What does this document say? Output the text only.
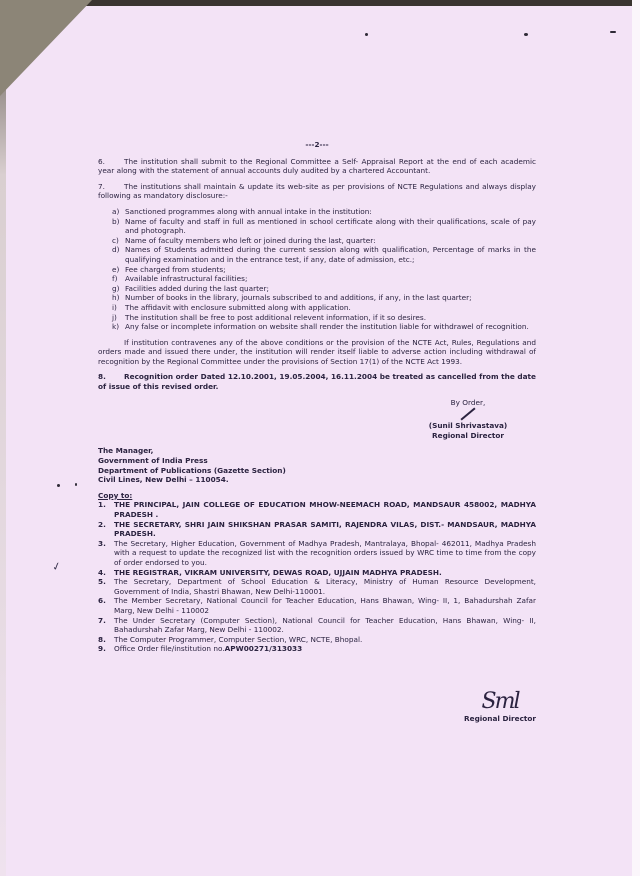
---2---
6.	The institution shall submit to the Regional Committee a Self- Appraisal Report at the end of each academic year along with the statement of annual accounts duly audited by a chartered Accountant.
7.	The institutions shall maintain & update its web-site as per provisions of NCTE Regulations and always display following as mandatory disclosure:-
a) Sanctioned programmes along with annual intake in the institution:
b) Name of faculty and staff in full as mentioned in school certificate along with their qualifications, scale of pay and photograph.
c) Name of faculty members who left or joined during the last, quarter:
d) Names of Students admitted during the current session along with qualification, Percentage of marks in the qualifying examination and in the entrance test, if any, date of admission, etc.;
e) Fee charged from students;
f)	Available infrastructural facilities;
g) Facilities added during the last quarter;
h) Number of books in the library, journals subscribed to and additions, if any, in the last quarter;
i)	The affidavit with enclosure submitted along with application.
j)	The institution shall be free to post additional relevent information, if it so desires.
k) Any false or incomplete information on website shall render the institution liable for withdrawel of recognition.
If institution contravenes any of the above conditions or the provision of the NCTE Act, Rules, Regulations and orders made and issued there under, the institution will render itself liable to adverse action including withdrawal of recognition by the Regional Committee under the provisions of Section 17(1) of the NCTE Act 1993.
8. Recognition order Dated 12.10.2001, 19.05.2004, 16.11.2004 be treated as cancelled from the date of issue of this revised order.
By Order,
(Sunil Shrivastava)
Regional Director
The Manager,
Government of India Press
Department of Publications (Gazette Section)
Civil Lines, New Delhi – 110054.
Copy to:
1.	THE PRINCIPAL, JAIN COLLEGE OF EDUCATION MHOW-NEEMACH ROAD, MANDSAUR 458002, MADHYA PRADESH .
2.	THE SECRETARY, SHRI JAIN SHIKSHAN PRASAR SAMITI, RAJENDRA VILAS, DIST.- MANDSAUR, MADHYA PRADESH.
3.	The Secretary, Higher Education, Government of Madhya Pradesh, Mantralaya, Bhopal- 462011, Madhya Pradesh with a request to update the recognized list with the recognition orders issued by WRC time to time from the copy of order endorsed to you.
4.	THE REGISTRAR, VIKRAM UNIVERSITY, DEWAS ROAD, UJJAIN MADHYA PRADESH.
5.	The Secretary, Department of School Education & Literacy, Ministry of Human Resource Development, Government of India, Shastri Bhawan, New Delhi-110001.
6.	The Member Secretary, National Council for Teacher Education, Hans Bhawan, Wing- II, 1, Bahadurshah Zafar Marg, New Delhi - 110002
7.	The Under Secretary (Computer Section), National Council for Teacher Education, Hans Bhawan, Wing- II, Bahadurshah Zafar Marg, New Delhi - 110002.
8.	The Computer Programmer, Computer Section, WRC, NCTE, Bhopal.
9.	Office Order file/institution no.APW00271/313033
✓
Sml
Regional Director
